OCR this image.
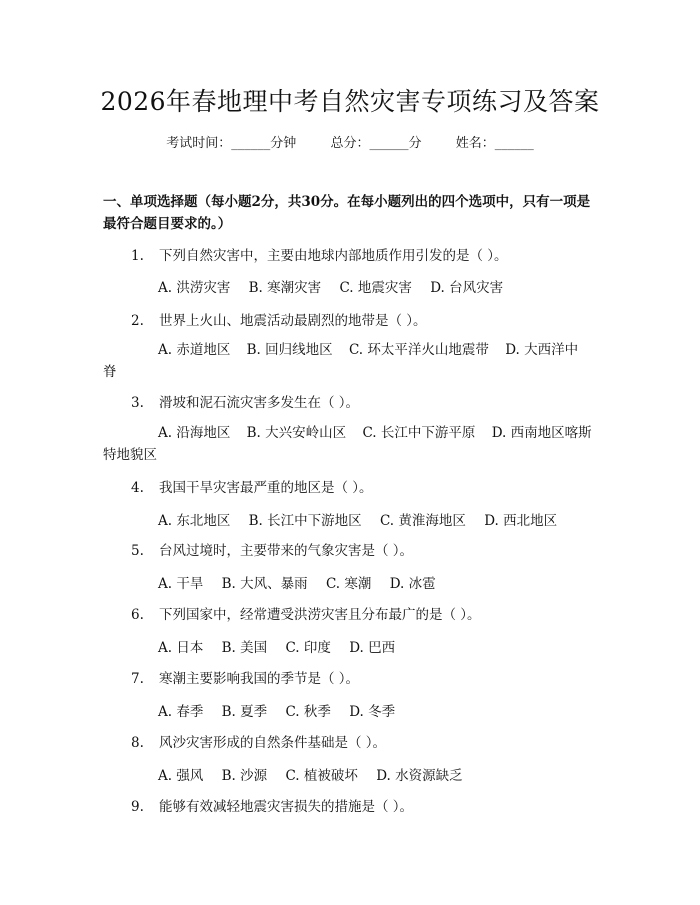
2026年春地理中考自然灾害专项练习及答案
考试时间：______分钟	总分：______分	姓名：______
一、单项选择题（每小题2分，共30分。在每小题列出的四个选项中，只有一项是最符合题目要求的。）
1. 下列自然灾害中，主要由地球内部地质作用引发的是（ ）。
A. 洪涝灾害 B. 寒潮灾害 C. 地震灾害 D. 台风灾害
2. 世界上火山、地震活动最剧烈的地带是（ ）。
A. 赤道地区 B. 回归线地区 C. 环太平洋火山地震带 D. 大西洋中脊
3. 滑坡和泥石流灾害多发生在（ ）。
A. 沿海地区 B. 大兴安岭山区 C. 长江中下游平原 D. 西南地区喀斯特地貌区
4. 我国干旱灾害最严重的地区是（ ）。
A. 东北地区 B. 长江中下游地区 C. 黄淮海地区 D. 西北地区
5. 台风过境时，主要带来的气象灾害是（ ）。
A. 干旱 B. 大风、暴雨 C. 寒潮 D. 冰雹
6. 下列国家中，经常遭受洪涝灾害且分布最广的是（ ）。
A. 日本 B. 美国 C. 印度 D. 巴西
7. 寒潮主要影响我国的季节是（ ）。
A. 春季 B. 夏季 C. 秋季 D. 冬季
8. 风沙灾害形成的自然条件基础是（ ）。
A. 强风 B. 沙源 C. 植被破坏 D. 水资源缺乏
9. 能够有效减轻地震灾害损失的措施是（ ）。
